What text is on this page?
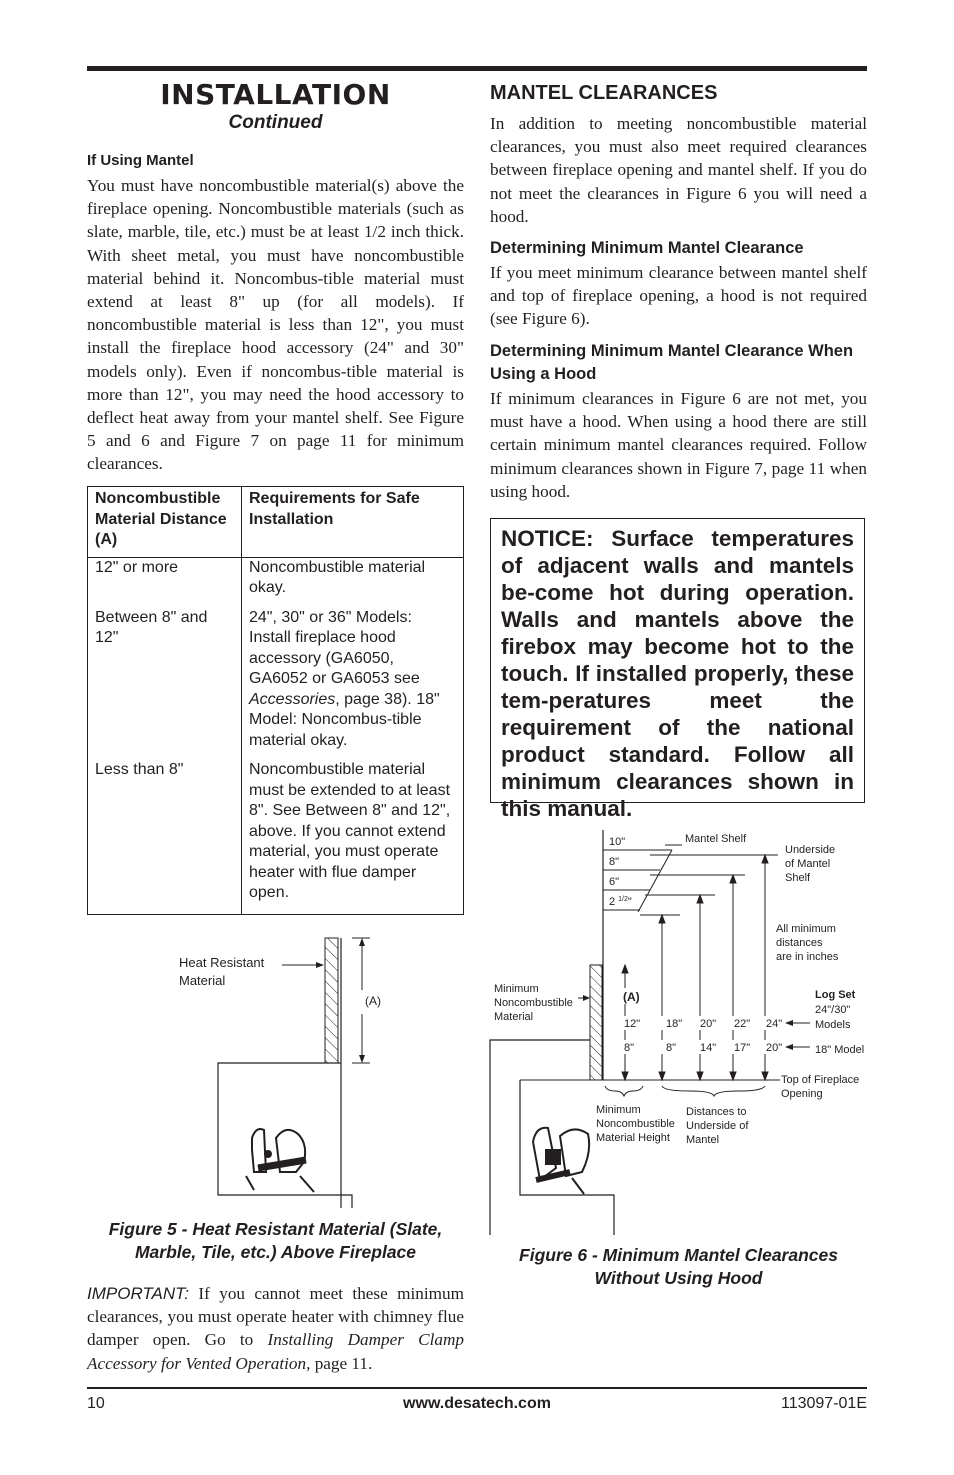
INSTALLATION
Continued
If Using Mantel
You must have noncombustible material(s) above the fireplace opening. Noncombustible materials (such as slate, marble, tile, etc.) must be at least 1/2 inch thick. With sheet metal, you must have noncombustible material behind it. Noncombus-tible material must extend at least 8" up (for all models). If noncombustible material is less than 12", you must install the fireplace hood accessory (24" and 30" models only). Even if noncombus-tible material is more than 12", you may need the hood accessory to deflect heat away from your mantel shelf. See Figure 5 and 6 and Figure 7 on page 11 for minimum clearances.
Noncombustible Material Distance (A)	Requirements for Safe Installation
12" or more	Noncombustible material okay.
Between 8" and 12"	24", 30" or 36" Models: Install fireplace hood accessory (GA6050, GA6052 or GA6053 see Accessories, page 38). 18" Model: Noncombus-tible material okay.
Less than 8"	Noncombustible material must be extended to at least 8". See Between 8" and 12", above. If you cannot extend material, you must operate heater with flue damper open.
(A)
Heat Resistant
Material
Figure 5 - Heat Resistant Material (Slate,
Marble, Tile, etc.) Above Fireplace
IMPORTANT: If you cannot meet these minimum clearances, you must operate heater with chimney flue damper open. Go to Installing Damper Clamp Accessory for Vented Operation, page 11.
MANTEL CLEARANCES
In addition to meeting noncombustible material clearances, you must also meet required clearances between fireplace opening and mantel shelf. If you do not meet the clearances in Figure 6 you will need a hood.
Determining Minimum Mantel Clearance
If you meet minimum clearance between mantel shelf and top of fireplace opening, a hood is not required (see Figure 6).
Determining Minimum Mantel Clearance When Using a Hood
If minimum clearances in Figure 6 are not met, you must have a hood. When using a hood there are still certain minimum mantel clearances required. Follow minimum clearances shown in Figure 7, page 11 when using hood.
NOTICE: Surface temperatures of adjacent walls and mantels be-come hot during operation. Walls and mantels above the firebox may become hot to the touch. If installed properly, these tem-peratures meet the requirement of the national product standard. Follow all minimum clearances shown in this manual.
10"
8"
6"
2 $^{1/2}$"
Mantel Shelf
Underside
of Mantel
Shelf
All minimum
distances
are in inches
(A)
12" 18" 20" 22" 24"
8"	8" 14" 17" 20"
Log Set
24"/30"
Models
18" Model
Minimum
Noncombustible
Material
Top of Fireplace
Opening
Minimum
Noncombustible
Material Height
Distances to
Underside of
Mantel
Figure 6 - Minimum Mantel Clearances
Without Using Hood
10	www.desatech.com	113097-01E
